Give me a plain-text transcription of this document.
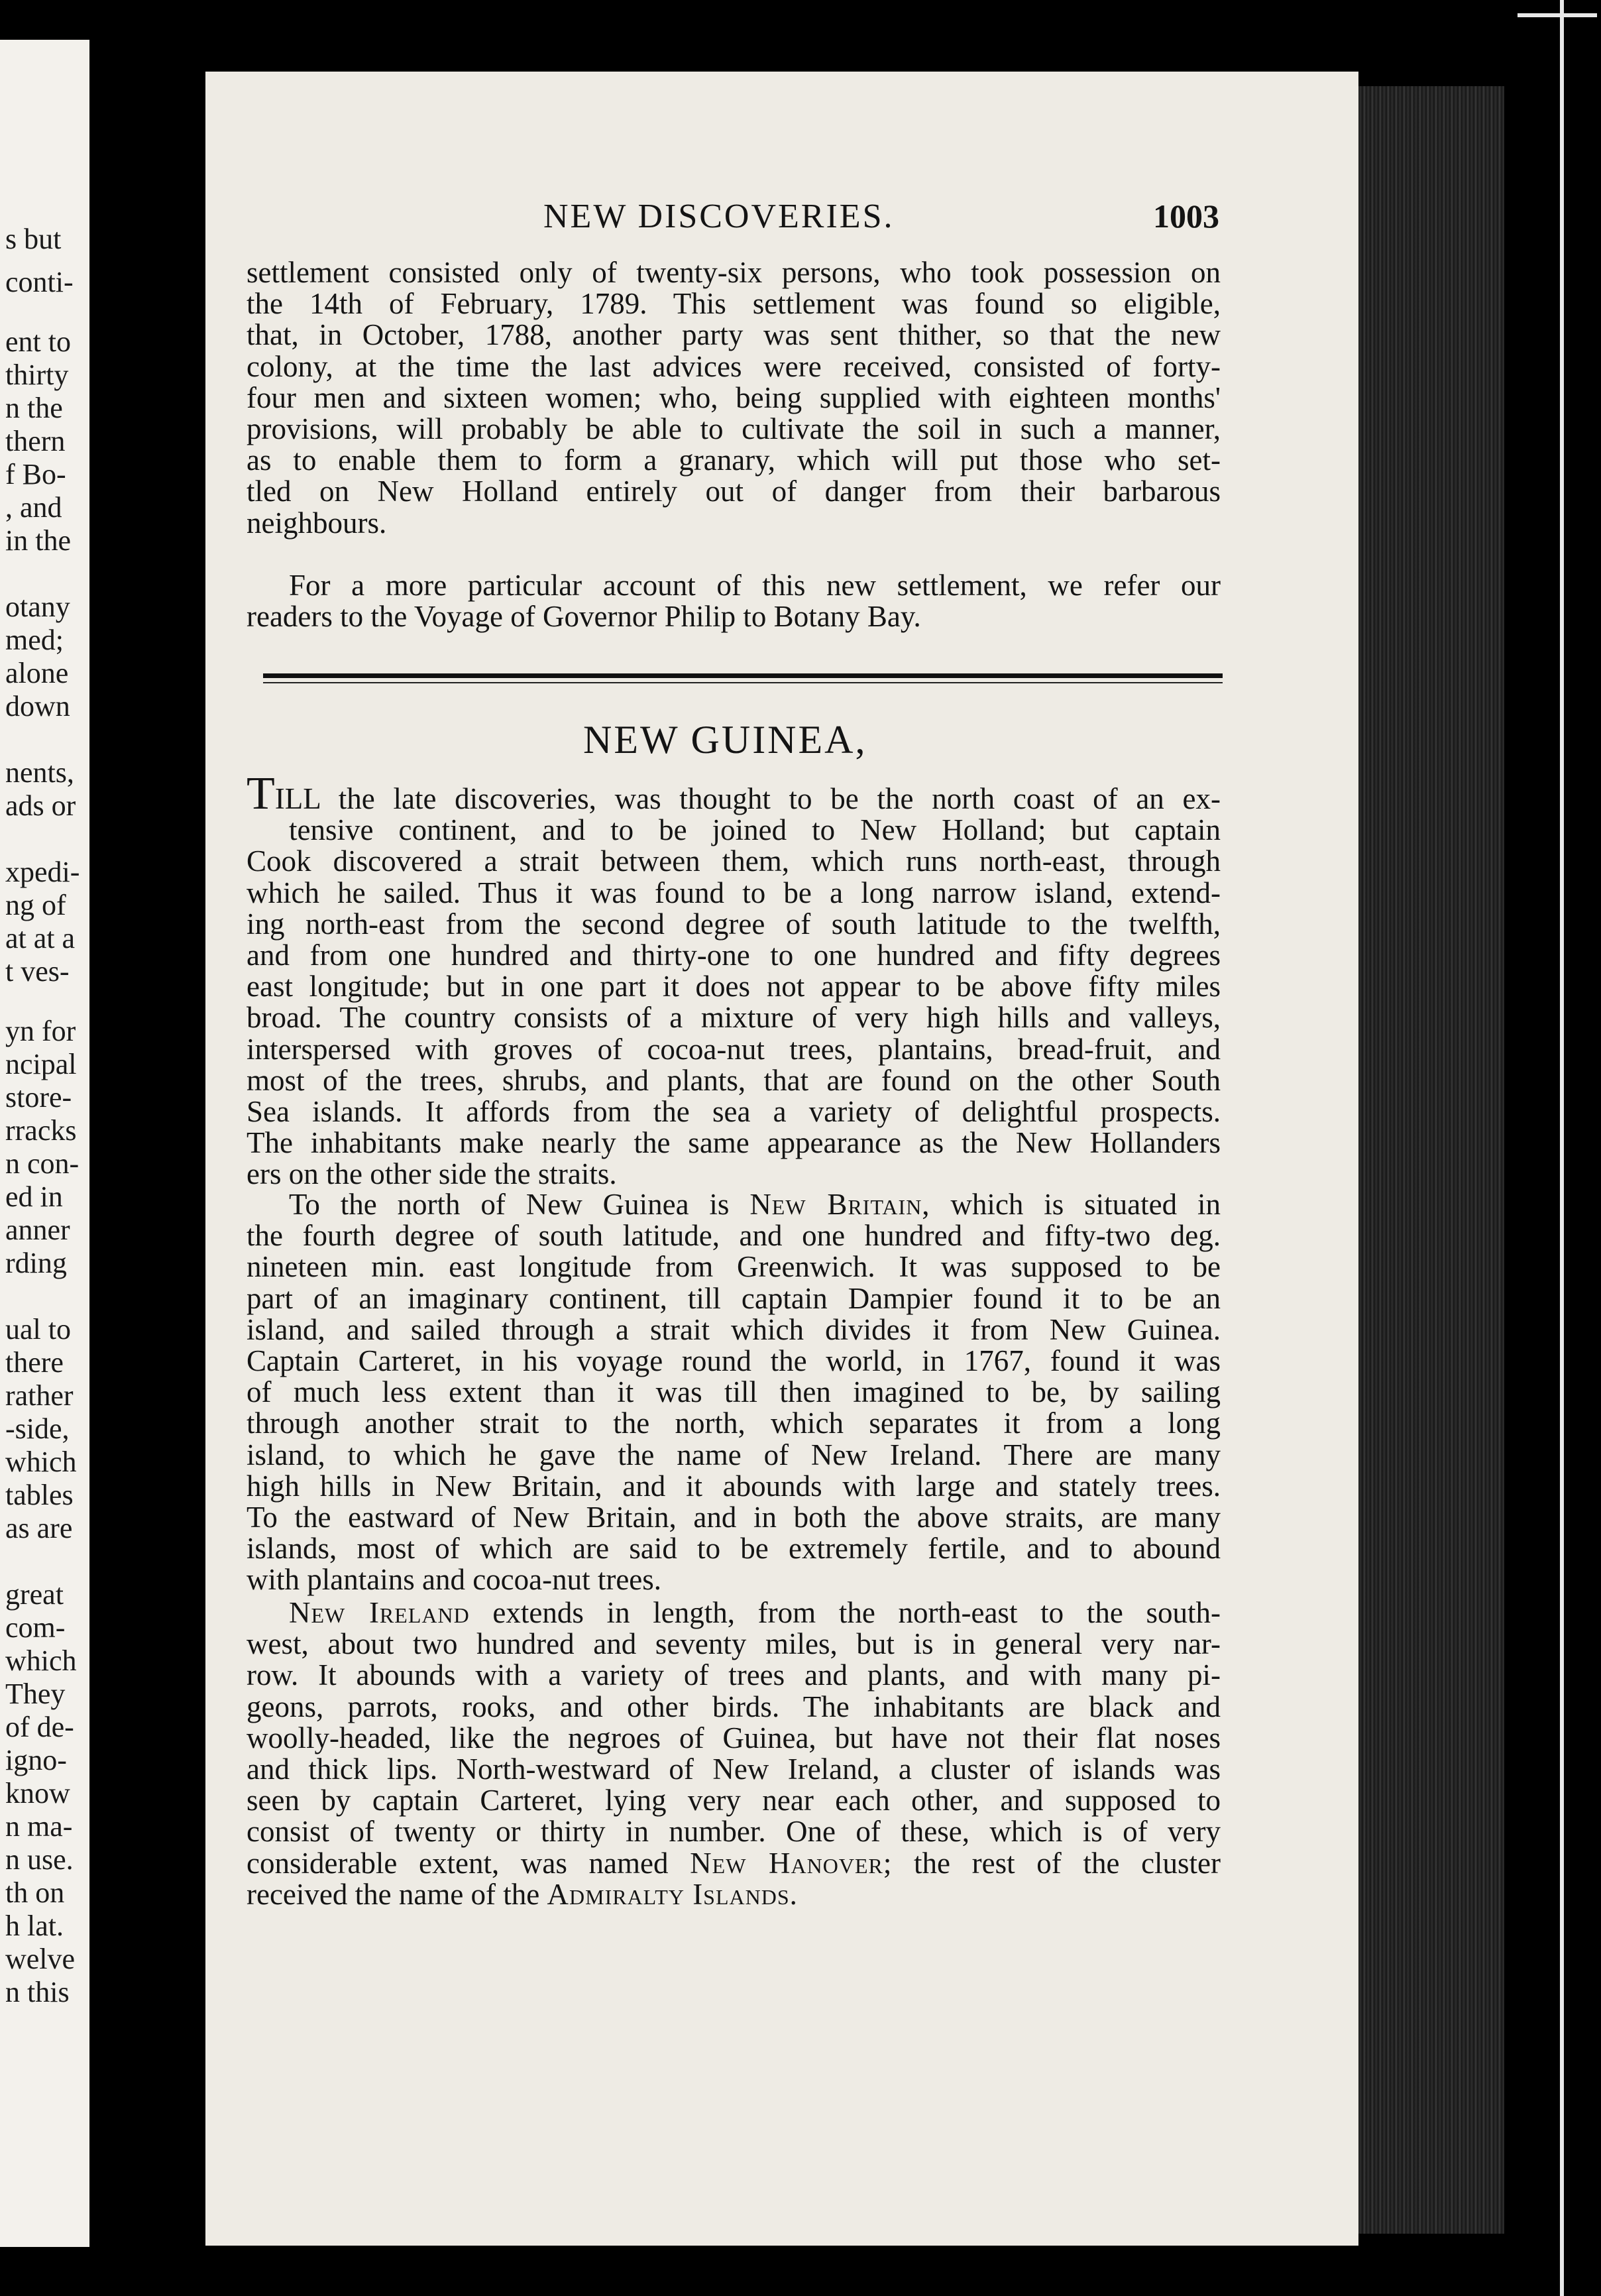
s but
conti-
ent to
thirty
n the
thern
f Bo-
, and
in the
otany
med;
alone
down
nents,
ads or
xpedi-
ng of
at at a
t ves-
yn for
ncipal
store-
rracks
n con-
ed in
anner
rding
ual to
there
rather
-side,
which
tables
as are
great
com-
which
They
of de-
igno-
know
n ma-
n use.
th on
h lat.
welve
n this
NEW DISCOVERIES.	1003
settlement consisted only of twenty-six persons, who took possession on
the 14th of February, 1789. This settlement was found so eligible,
that, in October, 1788, another party was sent thither, so that the new
colony, at the time the last advices were received, consisted of forty-
four men and sixteen women; who, being supplied with eighteen months'
provisions, will probably be able to cultivate the soil in such a manner,
as to enable them to form a granary, which will put those who set-
tled on New Holland entirely out of danger from their barbarous
neighbours.
For a more particular account of this new settlement, we refer our
readers to the Voyage of Governor Philip to Botany Bay.
NEW GUINEA,
TILL the late discoveries, was thought to be the north coast of an ex-
tensive continent, and to be joined to New Holland; but captain
Cook discovered a strait between them, which runs north-east, through
which he sailed. Thus it was found to be a long narrow island, extend-
ing north-east from the second degree of south latitude to the twelfth,
and from one hundred and thirty-one to one hundred and fifty degrees
east longitude; but in one part it does not appear to be above fifty miles
broad. The country consists of a mixture of very high hills and valleys,
interspersed with groves of cocoa-nut trees, plantains, bread-fruit, and
most of the trees, shrubs, and plants, that are found on the other South
Sea islands. It affords from the sea a variety of delightful prospects.
The inhabitants make nearly the same appearance as the New Hollanders
ers on the other side the straits.
To the north of New Guinea is New Britain, which is situated in
the fourth degree of south latitude, and one hundred and fifty-two deg.
nineteen min. east longitude from Greenwich. It was supposed to be
part of an imaginary continent, till captain Dampier found it to be an
island, and sailed through a strait which divides it from New Guinea.
Captain Carteret, in his voyage round the world, in 1767, found it was
of much less extent than it was till then imagined to be, by sailing
through another strait to the north, which separates it from a long
island, to which he gave the name of New Ireland. There are many
high hills in New Britain, and it abounds with large and stately trees.
To the eastward of New Britain, and in both the above straits, are many
islands, most of which are said to be extremely fertile, and to abound
with plantains and cocoa-nut trees.
New Ireland extends in length, from the north-east to the south-
west, about two hundred and seventy miles, but is in general very nar-
row. It abounds with a variety of trees and plants, and with many pi-
geons, parrots, rooks, and other birds. The inhabitants are black and
woolly-headed, like the negroes of Guinea, but have not their flat noses
and thick lips. North-westward of New Ireland, a cluster of islands was
seen by captain Carteret, lying very near each other, and supposed to
consist of twenty or thirty in number. One of these, which is of very
considerable extent, was named New Hanover; the rest of the cluster
received the name of the Admiralty Islands.
